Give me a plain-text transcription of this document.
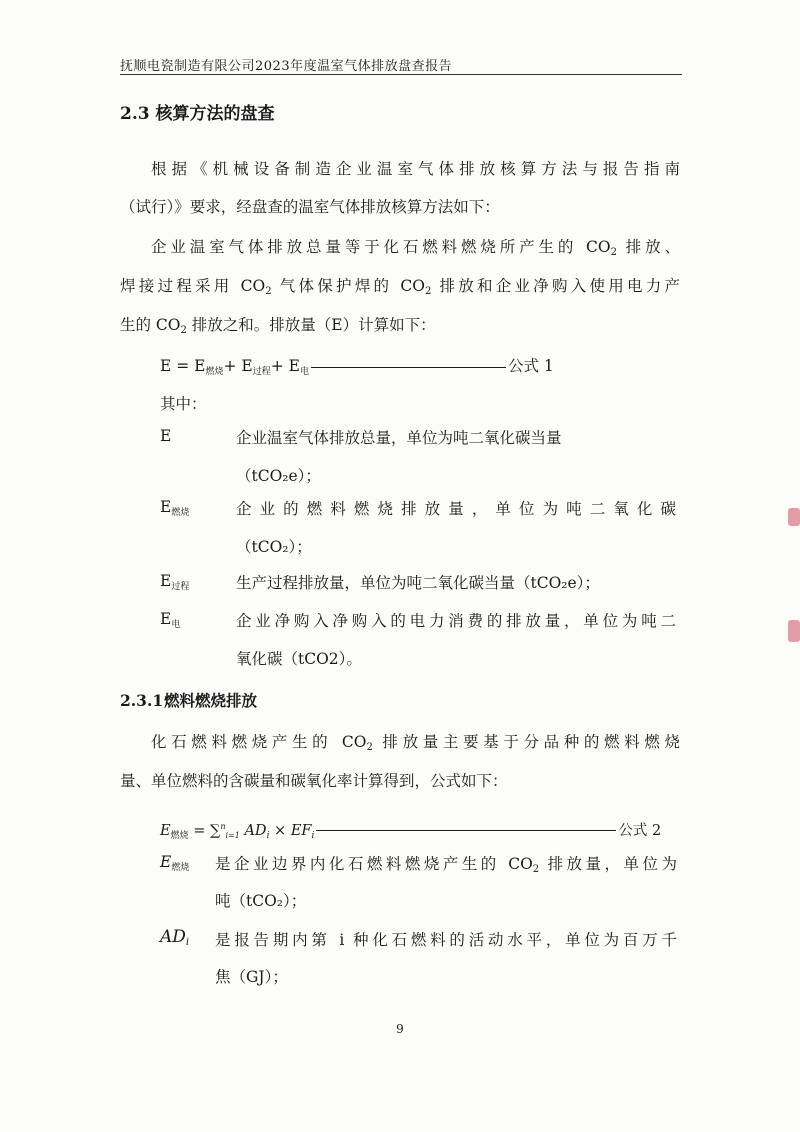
抚顺电瓷制造有限公司2023年度温室气体排放盘查报告
2.3 核算方法的盘查
根据《机械设备制造企业温室气体排放核算方法与报告指南
（试行）》要求，经盘查的温室气体排放核算方法如下：
企业温室气体排放总量等于化石燃料燃烧所产生的 $CO_2$ 排放、
焊接过程采用 $CO_2$ 气体保护焊的 $CO_2$ 排放和企业净购入使用电力产
生的 $CO_2$ 排放之和。排放量（E）计算如下：
E = E燃烧+ E过程+ E电	公式 1
其中：
E	企业温室气体排放总量，单位为吨二氧化碳当量
（tCO₂e）；
E燃烧	企业的燃料燃烧排放量，单位为吨二氧化碳
（tCO₂）；
E过程	生产过程排放量，单位为吨二氧化碳当量（tCO₂e）；
E电	企业净购入净购入的电力消费的排放量，单位为吨二
氧化碳（tCO2）。
2.3.1燃料燃烧排放
化石燃料燃烧产生的 $CO_2$ 排放量主要基于分品种的燃料燃烧
量、单位燃料的含碳量和碳氧化率计算得到，公式如下：
$E_{燃烧} = \sum^n_{i=1}$ $AD_i \times EF_i$	公式 2
E燃烧 是企业边界内化石燃料燃烧产生的 $CO_2$ 排放量，单位为
吨（tCO₂）；
$AD_i$ 是报告期内第 i 种化石燃料的活动水平，单位为百万千
焦（GJ）；
9
